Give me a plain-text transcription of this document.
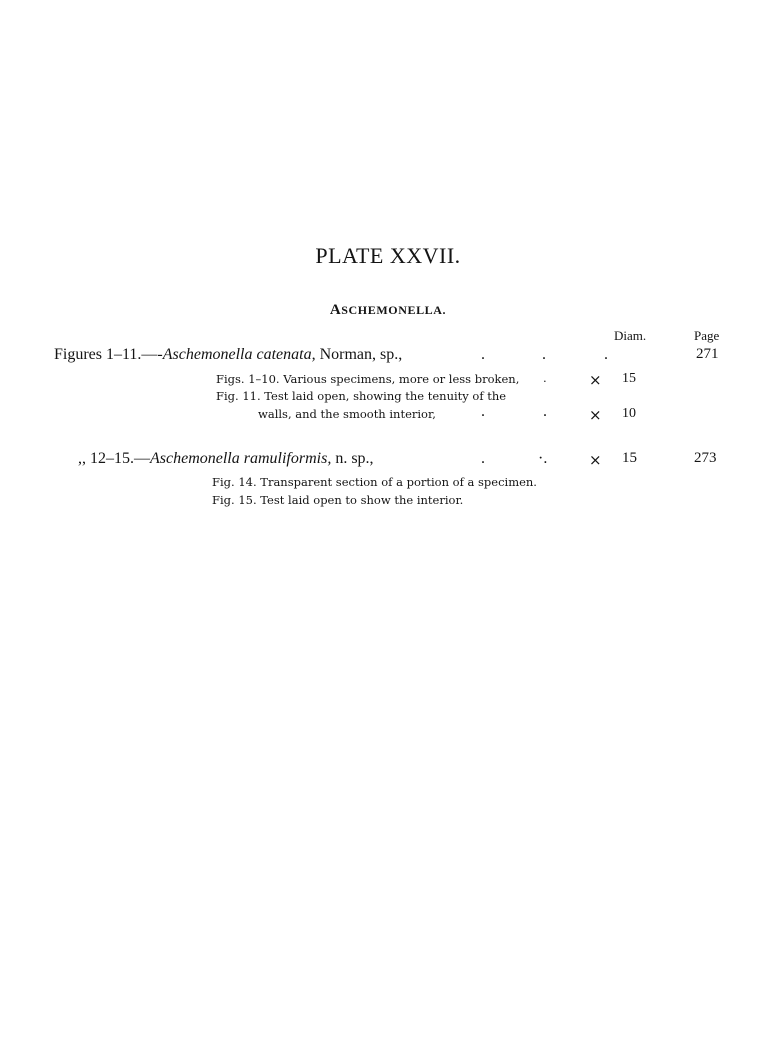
PLATE XXVII.
ASCHEMONELLA.
Diam.	Page
Figures 1–11.—-Aschemonella catenata, Norman, sp.,	.	.	.	271
Figs. 1–10. Various specimens, more or less broken, .	× 15
Fig. 11. Test laid open, showing the tenuity of the
walls, and the smooth interior,	.	.	× 10
,, 12–15.—Aschemonella ramuliformis, n. sp.,	.	·.	× 15	273
Fig. 14. Transparent section of a portion of a specimen.
Fig. 15. Test laid open to show the interior.
